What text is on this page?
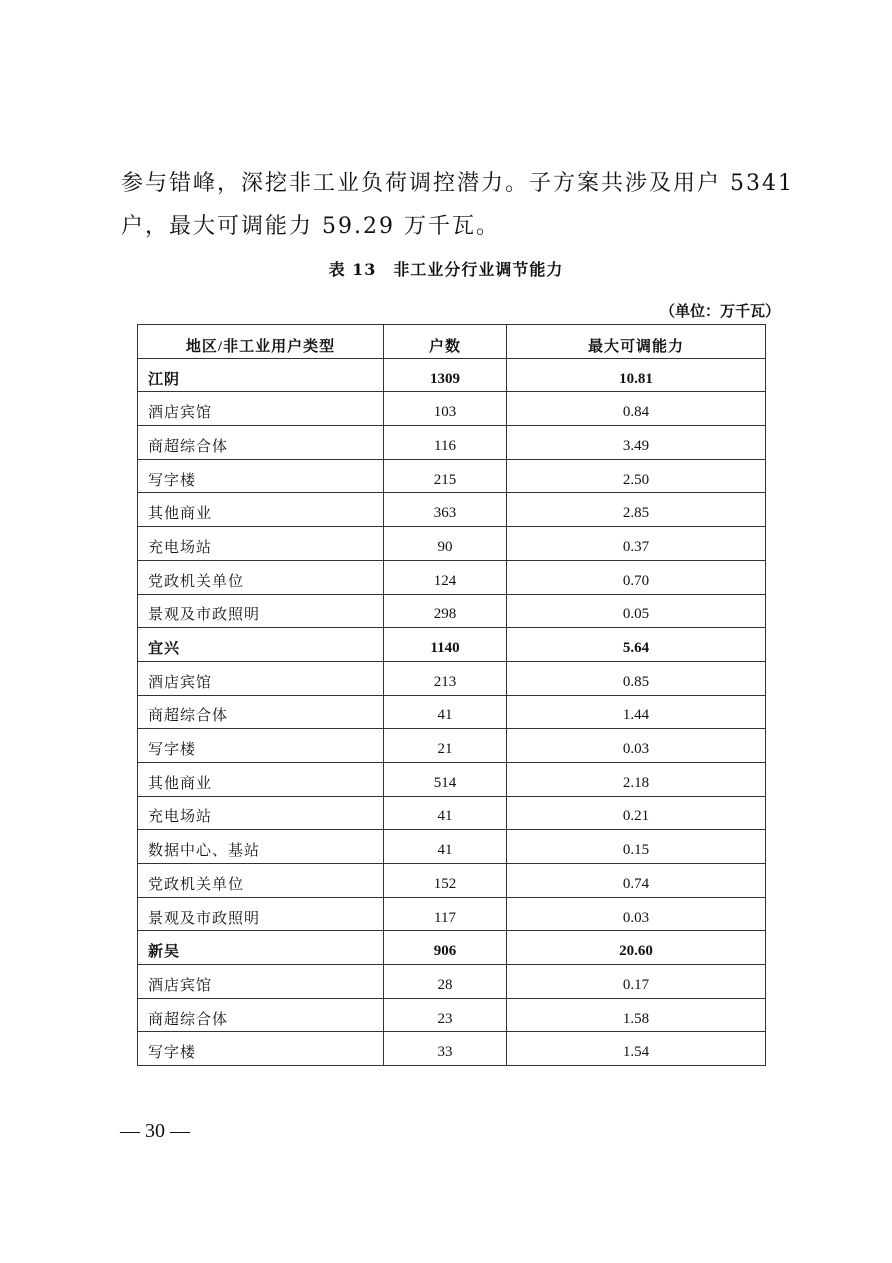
参与错峰，深挖非工业负荷调控潜力。子方案共涉及用户 5341

户，最大可调能力 59.29 万千瓦。

表 13　非工业分行业调节能力
（单位：万千瓦）
地区/非工业用户类型	户数	最大可调能力
江阴	1309	10.81
酒店宾馆	103	0.84
商超综合体	116	3.49
写字楼	215	2.50
其他商业	363	2.85
充电场站	90	0.37
党政机关单位	124	0.70
景观及市政照明	298	0.05
宜兴	1140	5.64
酒店宾馆	213	0.85
商超综合体	41	1.44
写字楼	21	0.03
其他商业	514	2.18
充电场站	41	0.21
数据中心、基站	41	0.15
党政机关单位	152	0.74
景观及市政照明	117	0.03
新吴	906	20.60
酒店宾馆	28	0.17
商超综合体	23	1.58
写字楼	33	1.54
— 30 —
